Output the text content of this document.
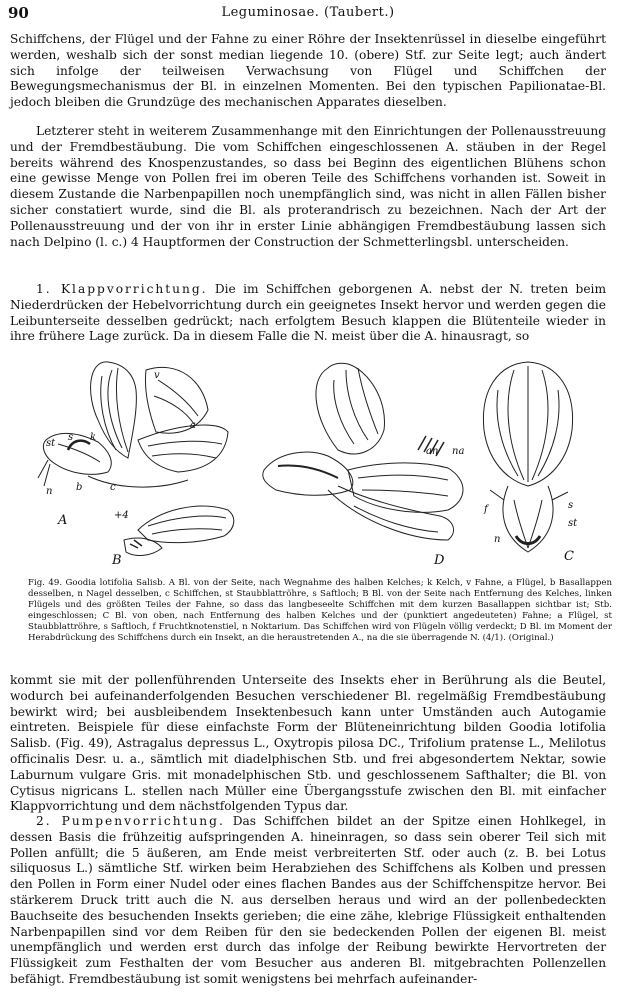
90	Leguminosae. (Taubert.)

Schiffchens, der Flügel und der Fahne zu einer Röhre der Insektenrüssel in dieselbe eingeführt werden, weshalb sich der sonst median liegende 10. (obere) Stf. zur Seite legt; auch ändert sich infolge der teilweisen Verwachsung von Flügel und Schiffchen der Bewegungsmechanismus der Bl. in einzelnen Momenten. Bei den typischen Papilionatae-Bl. jedoch bleiben die Grundzüge des mechanischen Apparates dieselben.

Letzterer steht in weiterem Zusammenhange mit den Einrichtungen der Pollenausstreuung und der Fremdbestäubung. Die vom Schiffchen eingeschlossenen A. stäuben in der Regel bereits während des Knospenzustandes, so dass bei Beginn des eigentlichen Blühens schon eine gewisse Menge von Pollen frei im oberen Teile des Schiffchens vorhanden ist. Soweit in diesem Zustande die Narbenpapillen noch unempfänglich sind, was nicht in allen Fällen bisher sicher constatiert wurde, sind die Bl. als proterandrisch zu bezeichnen. Nach der Art der Pollenausstreuung und der von ihr in erster Linie abhängigen Fremdbestäubung lassen sich nach Delpino (l. c.) 4 Hauptformen der Construction der Schmetterlingsbl. unterscheiden.

1. Klappvorrichtung. Die im Schiffchen geborgenen A. nebst der N. treten beim Niederdrücken der Hebelvorrichtung durch ein geeignetes Insekt hervor und werden gegen die Leibunterseite desselben gedrückt; nach erfolgtem Besuch klappen die Blütenteile wieder in ihre frühere Lage zurück. Da in diesem Falle die N. meist über die A. hinausragt, so

A
B	D	C
v
a
st
s k
n b	c
an na
f	s
st
n
+4

Fig. 49. Goodia lotifolia Salisb. A Bl. von der Seite, nach Wegnahme des halben Kelches; k Kelch, v Fahne, a Flügel, b Basallappen desselben, n Nagel desselben, c Schiffchen, st Staubblattröhre, s Saftloch; B Bl. von der Seite nach Entfernung des Kelches, linken Flügels und des größten Teiles der Fahne, so dass das langbeseelte Schiffchen mit dem kurzen Basallappen sichtbar ist; Stb. eingeschlossen; C Bl. von oben, nach Entfernung des halben Kelches und der (punktiert angedeuteten) Fahne; a Flügel, st Staubblattröhre, s Saftloch, f Fruchtknotenstiel, n Noktarium. Das Schiffchen wird von Flügeln völlig verdeckt; D Bl. im Moment der Herabdrückung des Schiffchens durch ein Insekt, an die heraustretenden A., na die sie überragende N. (4/1). (Original.)

kommt sie mit der pollenführenden Unterseite des Insekts eher in Berührung als die Beutel, wodurch bei aufeinanderfolgenden Besuchen verschiedener Bl. regelmäßig Fremdbestäubung bewirkt wird; bei ausbleibendem Insektenbesuch kann unter Umständen auch Autogamie eintreten. Beispiele für diese einfachste Form der Blüteneinrichtung bilden Goodia lotifolia Salisb. (Fig. 49), Astragalus depressus L., Oxytropis pilosa DC., Trifolium pratense L., Melilotus officinalis Desr. u. a., sämtlich mit diadelphischen Stb. und frei abgesondertem Nektar, sowie Laburnum vulgare Gris. mit monadelphischen Stb. und geschlossenem Safthalter; die Bl. von Cytisus nigricans L. stellen nach Müller eine Übergangsstufe zwischen den Bl. mit einfacher Klappvorrichtung und dem nächstfolgenden Typus dar.

2. Pumpenvorrichtung. Das Schiffchen bildet an der Spitze einen Hohlkegel, in dessen Basis die frühzeitig aufspringenden A. hineinragen, so dass sein oberer Teil sich mit Pollen anfüllt; die 5 äußeren, am Ende meist verbreiterten Stf. oder auch (z. B. bei Lotus siliquosus L.) sämtliche Stf. wirken beim Herabziehen des Schiffchens als Kolben und pressen den Pollen in Form einer Nudel oder eines flachen Bandes aus der Schiffchenspitze hervor. Bei stärkerem Druck tritt auch die N. aus derselben heraus und wird an der pollenbedeckten Bauchseite des besuchenden Insekts gerieben; die eine zähe, klebrige Flüssigkeit enthaltenden Narbenpapillen sind vor dem Reiben für den sie bedeckenden Pollen der eigenen Bl. meist unempfänglich und werden erst durch das infolge der Reibung bewirkte Hervortreten der Flüssigkeit zum Festhalten der vom Besucher aus anderen Bl. mitgebrachten Pollenzellen befähigt. Fremdbestäubung ist somit wenigstens bei mehrfach aufeinander-
